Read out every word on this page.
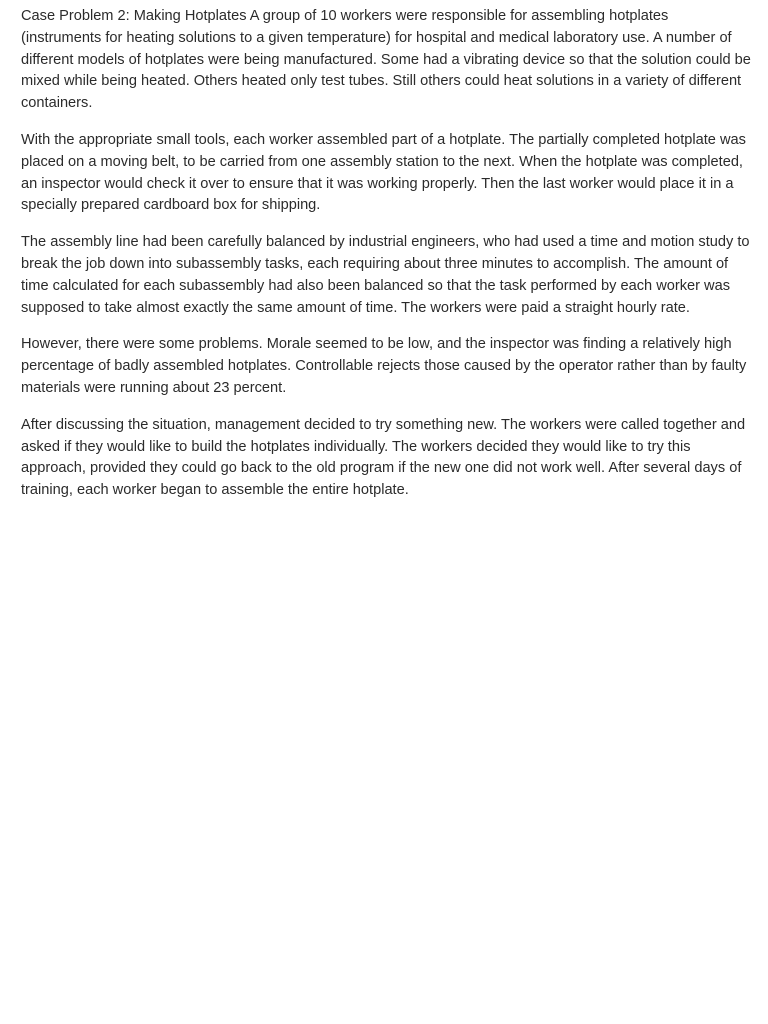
Case Problem 2: Making Hotplates A group of 10 workers were responsible for assembling hotplates (instruments for heating solutions to a given temperature) for hospital and medical laboratory use. A number of different models of hotplates were being manufactured. Some had a vibrating device so that the solution could be mixed while being heated. Others heated only test tubes. Still others could heat solutions in a variety of different containers.

With the appropriate small tools, each worker assembled part of a hotplate. The partially completed hotplate was placed on a moving belt, to be carried from one assembly station to the next. When the hotplate was completed, an inspector would check it over to ensure that it was working properly. Then the last worker would place it in a specially prepared cardboard box for shipping.

The assembly line had been carefully balanced by industrial engineers, who had used a time and motion study to break the job down into subassembly tasks, each requiring about three minutes to accomplish. The amount of time calculated for each subassembly had also been balanced so that the task performed by each worker was supposed to take almost exactly the same amount of time. The workers were paid a straight hourly rate.

However, there were some problems. Morale seemed to be low, and the inspector was finding a relatively high percentage of badly assembled hotplates. Controllable rejects those caused by the operator rather than by faulty materials were running about 23 percent.

After discussing the situation, management decided to try something new. The workers were called together and asked if they would like to build the hotplates individually. The workers decided they would like to try this approach, provided they could go back to the old program if the new one did not work well. After several days of training, each worker began to assemble the entire hotplate.
